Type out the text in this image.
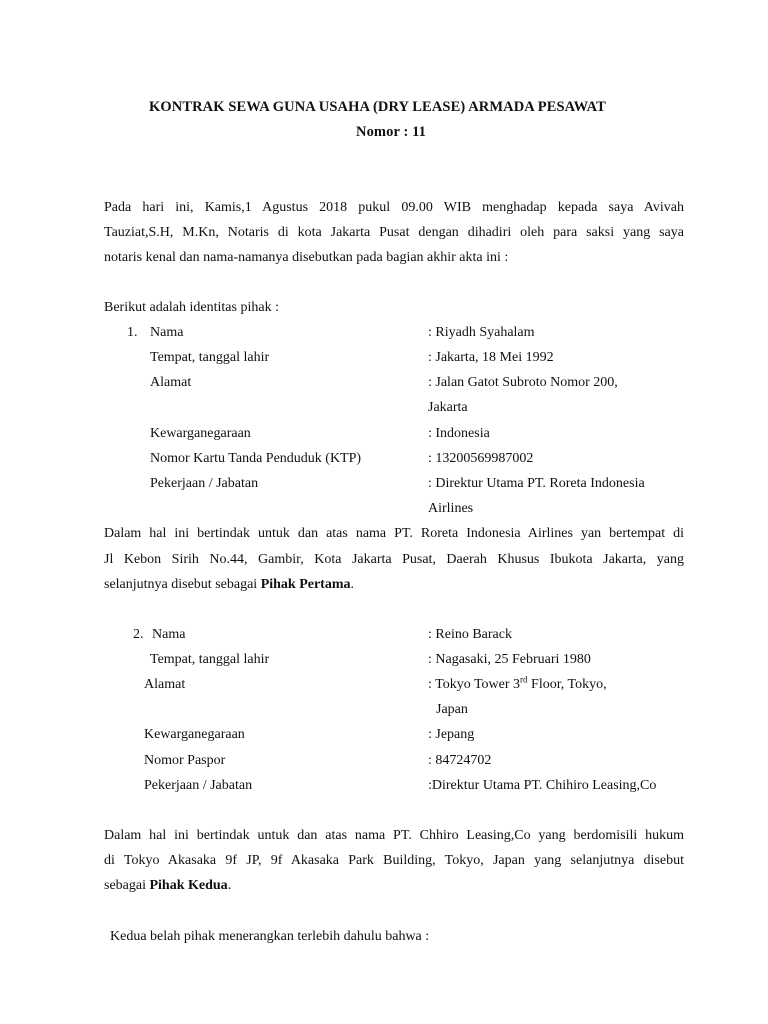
KONTRAK SEWA GUNA USAHA (DRY LEASE) ARMADA PESAWAT
Nomor : 11
Pada hari ini, Kamis,1 Agustus 2018 pukul 09.00 WIB menghadap kepada saya Avivah
Tauziat,S.H, M.Kn, Notaris di kota Jakarta Pusat dengan dihadiri oleh para saksi yang saya
notaris kenal dan nama-namanya disebutkan pada bagian akhir akta ini :
Berikut adalah identitas pihak :
1. Nama	: Riyadh Syahalam
Tempat, tanggal lahir	: Jakarta, 18 Mei 1992
Alamat	: Jalan Gatot Subroto Nomor 200,
Jakarta
Kewarganegaraan	: Indonesia
Nomor Kartu Tanda Penduduk (KTP)	: 13200569987002
Pekerjaan / Jabatan	: Direktur Utama PT. Roreta Indonesia
Airlines
Dalam hal ini bertindak untuk dan atas nama PT. Roreta Indonesia Airlines yan bertempat di
Jl Kebon Sirih No.44, Gambir, Kota Jakarta Pusat, Daerah Khusus Ibukota Jakarta, yang
selanjutnya disebut sebagai Pihak Pertama.
2. Nama	: Reino Barack
Tempat, tanggal lahir	: Nagasaki, 25 Februari 1980
Alamat	: Tokyo Tower 3rd Floor, Tokyo,
Japan
Kewarganegaraan	: Jepang
Nomor Paspor	: 84724702
Pekerjaan / Jabatan	:Direktur Utama PT. Chihiro Leasing,Co
Dalam hal ini bertindak untuk dan atas nama PT. Chhiro Leasing,Co yang berdomisili hukum
di Tokyo Akasaka 9f JP, 9f Akasaka Park Building, Tokyo, Japan yang selanjutnya disebut
sebagai Pihak Kedua.
Kedua belah pihak menerangkan terlebih dahulu bahwa :
